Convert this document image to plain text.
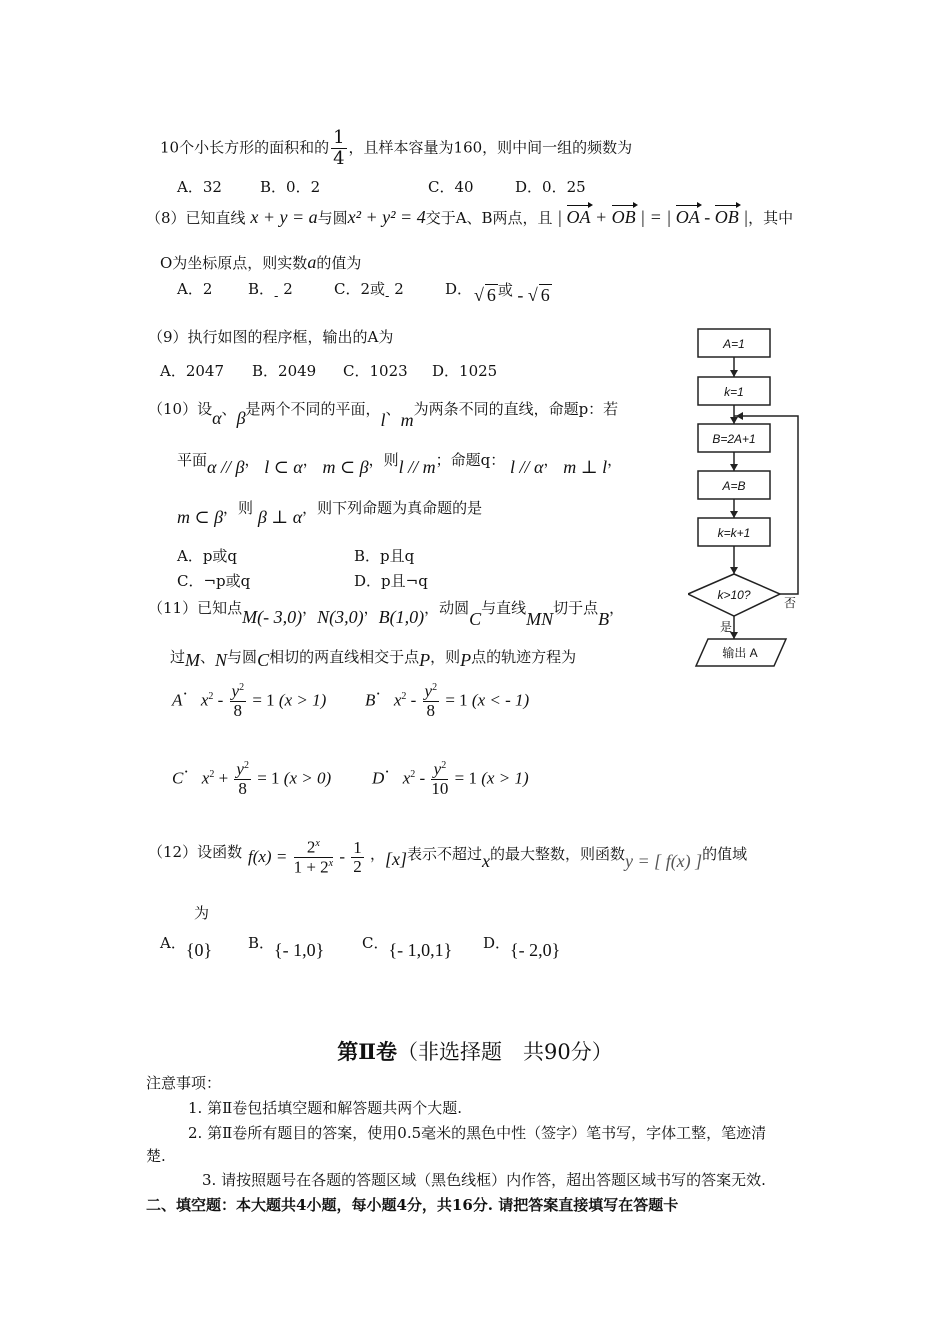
10个小长方形的面积和的 $\frac{1}{4}$ ，且样本容量为160，则中间一组的频数为
A．32	B．0．2	C．40	D．0．25
（8）已知直线 x + y = a与圆x² + y² = 4交于A、B两点，且 | OA + OB | = | OA - OB |，其中
O为坐标原点，则实数a的值为
A．2 B．- 2	C．2或- 2	D． √ 6 $^或$ - √ 6
（9）执行如图的程序框，输出的A为
A．2047 B．2049 C．1023 D．1025
A=1
k=1
B=2A+1
A=B
k=k+1
k>10?
输出 A
否
是
（10）设α、β是两个不同的平面，l、m为两条不同的直线，命题p：若
平面α // β， l ⊂ α， m ⊂ β，则l // m；命题q： l // α， m ⊥ l，
m ⊂ β，则 β ⊥ α，则下列命题为真命题的是
A．p或q	B．p且q
C．¬p或q	D．p且¬q
（11）已知点M(- 3,0)，N(3,0)，B(1,0)，动圆C与直线MN切于点B，
过M、N与圆C相切的两直线相交于点P，则P点的轨迹方程为
$A\cdot x^2 - \frac{y^2}{8} = 1$ (x > 1) $B\cdot x^2 - \frac{y^2}{8} = 1$ (x < - 1)
$C\cdot x^2 + \frac{y^2}{8} = 1$ (x > 0) $D\cdot x^2 - \frac{y^2}{10} = 1$ (x > 1)
（12）设函数 $f(x) = \frac{2^x}{1 + 2^x} - \frac{1}{2}$ ，[x]表示不超过x的最大整数，则函数y = [ f(x) ]的值域
为
A．{0} B．{- 1,0}	C．{- 1,0,1} D．{- 2,0}
第Ⅱ卷（非选择题　共90分）
注意事项：
1. 第Ⅱ卷包括填空题和解答题共两个大题.
2. 第Ⅱ卷所有题目的答案，使用0.5毫米的黑色中性（签字）笔书写，字体工整，笔迹清
楚.
3. 请按照题号在各题的答题区域（黑色线框）内作答，超出答题区域书写的答案无效.
二、填空题：本大题共4小题，每小题4分，共16分. 请把答案直接填写在答题卡
